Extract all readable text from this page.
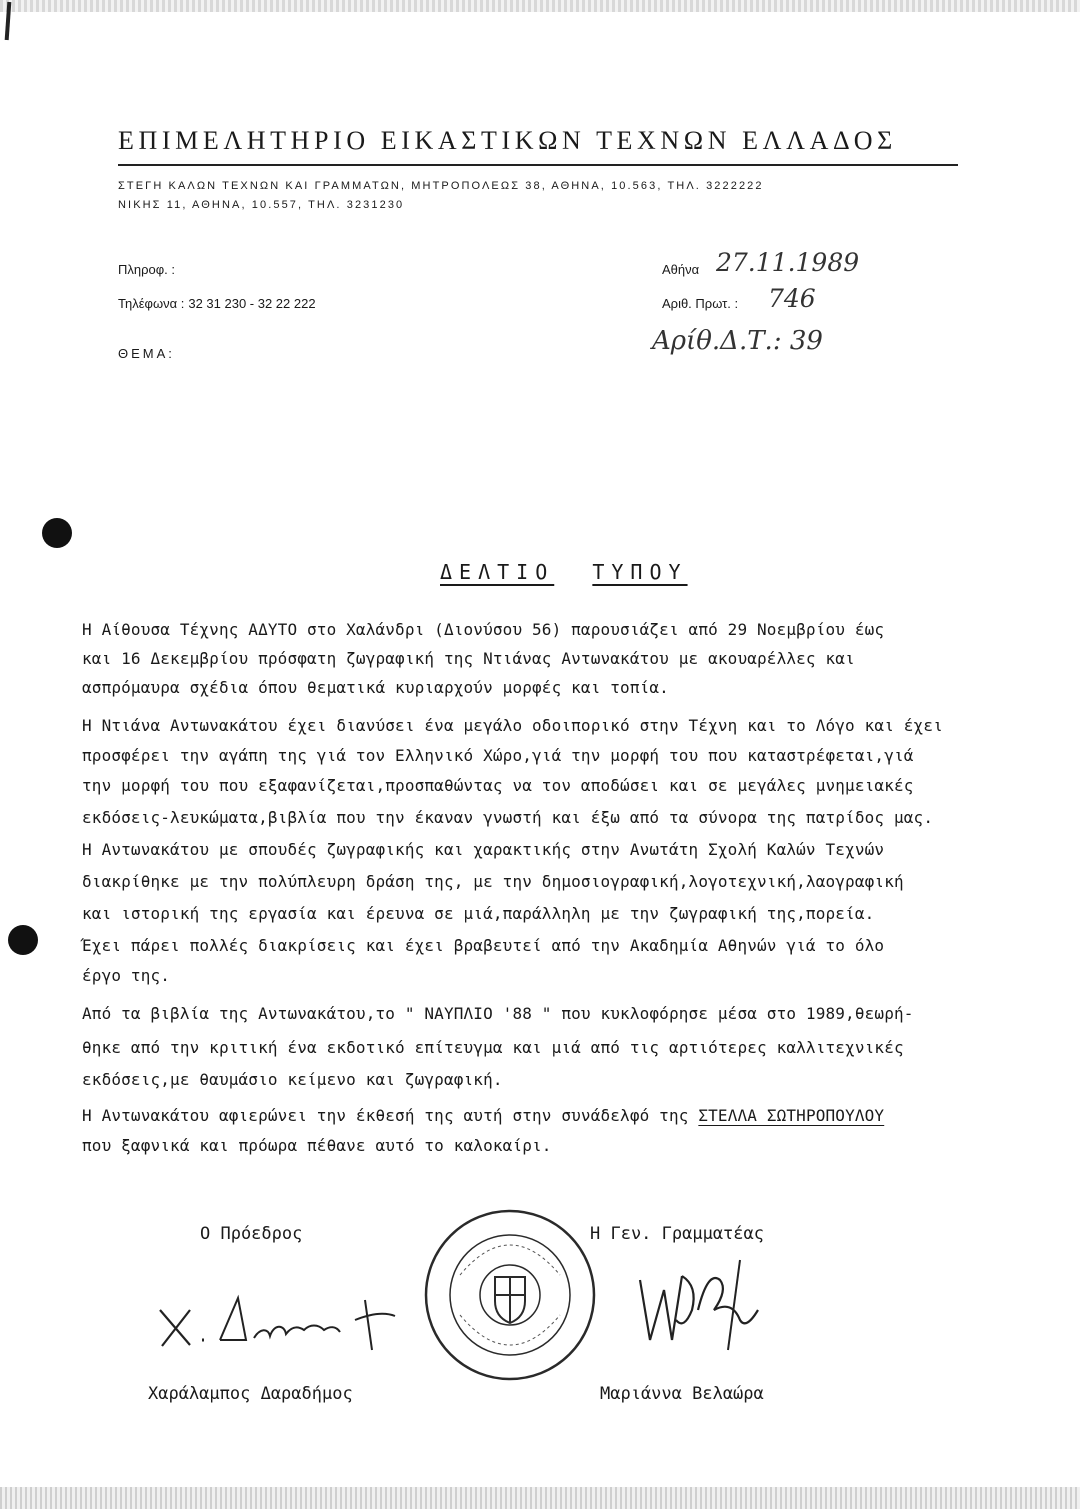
ΕΠΙΜΕΛΗΤΗΡΙΟ ΕΙΚΑΣΤΙΚΩΝ ΤΕΧΝΩΝ ΕΛΛΑΔΟΣ
ΣΤΕΓΗ ΚΑΛΩΝ ΤΕΧΝΩΝ ΚΑΙ ΓΡΑΜΜΑΤΩΝ, ΜΗΤΡΟΠΟΛΕΩΣ 38, ΑΘΗΝΑ, 10.563, ΤΗΛ. 3222222
ΝΙΚΗΣ 11, ΑΘΗΝΑ, 10.557, ΤΗΛ. 3231230
Πληροφ. :
Τηλέφωνα : 32 31 230 - 32 22 222
ΘΕΜΑ:
Αθήνα 27.11.1989
Αριθ. Πρωτ. : 746
Αρίθ.Δ.Τ.: 39
ΔΕΛΤΙΟ ΤΥΠΟΥ
Η Αίθουσα Τέχνης ΑΔΥΤΟ στο Χαλάνδρι (Διονύσου 56) παρουσιάζει από 29 Νοεμβρίου έως
και 16 Δεκεμβρίου πρόσφατη ζωγραφική της Ντιάνας Αντωνακάτου με ακουαρέλλες και
ασπρόμαυρα σχέδια όπου θεματικά κυριαρχούν μορφές και τοπία.
Η Ντιάνα Αντωνακάτου έχει διανύσει ένα μεγάλο οδοιπορικό στην Τέχνη και το Λόγο και έχει
προσφέρει την αγάπη της γιά τον Ελληνικό Χώρο,γιά την μορφή του που καταστρέφεται,γιά
την μορφή του που εξαφανίζεται,προσπαθώντας να τον αποδώσει και σε μεγάλες μνημειακές
εκδόσεις-λευκώματα,βιβλία που την έκαναν γνωστή και έξω από τα σύνορα της πατρίδος μας.
Η Αντωνακάτου με σπουδές ζωγραφικής και χαρακτικής στην Ανωτάτη Σχολή Καλών Τεχνών
διακρίθηκε με την πολύπλευρη δράση της, με την δημοσιογραφική,λογοτεχνική,λαογραφική
και ιστορική της εργασία και έρευνα σε μιά,παράλληλη με την ζωγραφική της,πορεία.
Έχει πάρει πολλές διακρίσεις και έχει βραβευτεί από την Ακαδημία Αθηνών γιά το όλο
έργο της.
Από τα βιβλία της Αντωνακάτου,το " ΝΑΥΠΛΙΟ '88 " που κυκλοφόρησε μέσα στο 1989,θεωρή-
θηκε από την κριτική ένα εκδοτικό επίτευγμα και μιά από τις αρτιότερες καλλιτεχνικές
εκδόσεις,με θαυμάσιο κείμενο και ζωγραφική.
Η Αντωνακάτου αφιερώνει την έκθεσή της αυτή στην συνάδελφό της ΣΤΕΛΛΑ ΣΩΤΗΡΟΠΟΥΛΟΥ
που ξαφνικά και πρόωρα πέθανε αυτό το καλοκαίρι.
Ο Πρόεδρος	Η Γεν. Γραμματέας
Χαράλαμπος Δαραδήμος	Μαριάννα Βελαώρα
